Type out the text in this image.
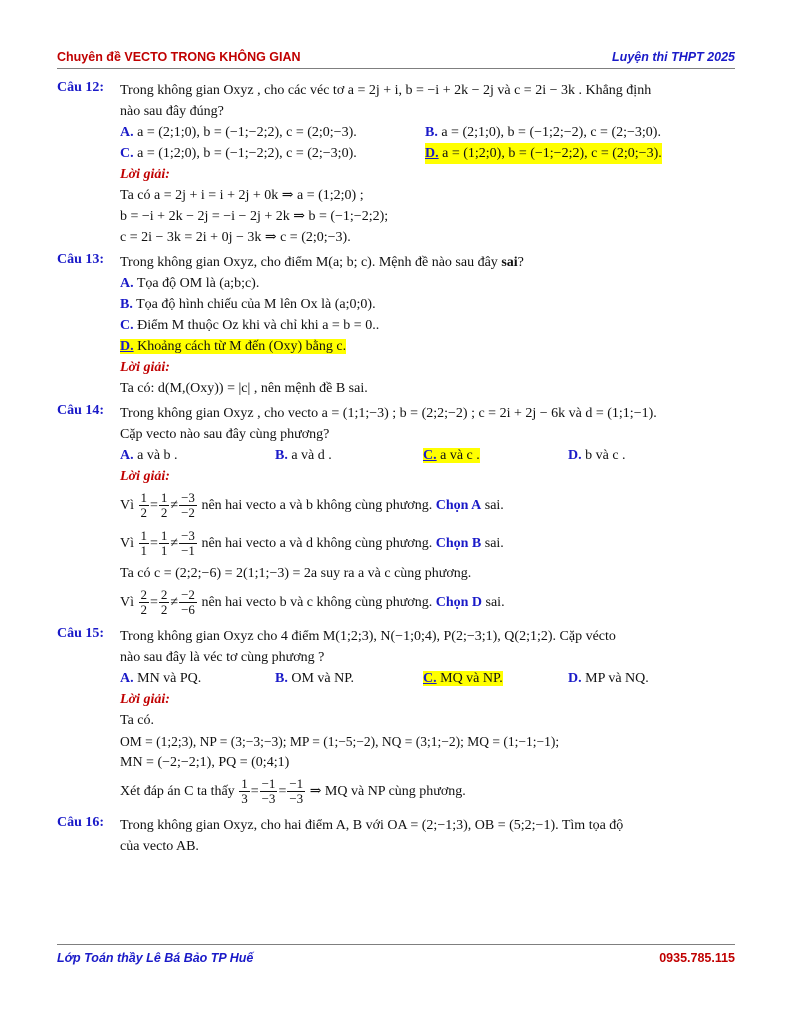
Chuyên đề VECTO TRONG KHÔNG GIAN	Luyện thi THPT 2025
Câu 12: Trong không gian Oxyz , cho các véc tơ a = 2j + i, b = −i + 2k − 2j và c = 2i − 3k . Khẳng định
nào sau đây đúng?
A. a = (2;1;0), b = (−1;−2;2), c = (2;0;−3).	B. a = (2;1;0), b = (−1;2;−2), c = (2;−3;0).
C. a = (1;2;0), b = (−1;−2;2), c = (2;−3;0).	D. a = (1;2;0), b = (−1;−2;2), c = (2;0;−3).
Lời giải:
Ta có a = 2j + i = i + 2j + 0k ⇒ a = (1;2;0) ;
b = −i + 2k − 2j = −i − 2j + 2k ⇒ b = (−1;−2;2);
c = 2i − 3k = 2i + 0j − 3k ⇒ c = (2;0;−3).
Câu 13: Trong không gian Oxyz, cho điểm M(a; b; c). Mệnh đề nào sau đây sai?
A. Tọa độ OM là (a;b;c).
B. Tọa độ hình chiếu của M lên Ox là (a;0;0).
C. Điểm M thuộc Oz khi và chỉ khi a = b = 0..
D. Khoảng cách từ M đến (Oxy) bằng c.
Lời giải:
Ta có: d(M,(Oxy)) = |c| , nên mệnh đề B sai.
Câu 14: Trong không gian Oxyz , cho vecto a = (1;1;−3) ; b = (2;2;−2) ; c = 2i + 2j − 6k và d = (1;1;−1).
Cặp vecto nào sau đây cùng phương?
A. a và b .	B. a và d .	C. a và c .	D. b và c .
Lời giải:
Vì $\frac{1}{2} = \frac{1}{2} \ne \frac{-3}{-2}$ nên hai vecto a và b không cùng phương. Chọn A sai.
Vì $\frac{1}{1} = \frac{1}{1} \ne \frac{-3}{-1}$ nên hai vecto a và d không cùng phương. Chọn B sai.
Ta có c = (2;2;−6) = 2(1;1;−3) = 2a suy ra a và c cùng phương.
Vì $\frac{2}{2} = \frac{2}{2} \ne \frac{-2}{-6}$ nên hai vecto b và c không cùng phương. Chọn D sai.
Câu 15: Trong không gian Oxyz cho 4 điểm M(1;2;3), N(−1;0;4), P(2;−3;1), Q(2;1;2). Cặp vécto
nào sau đây là véc tơ cùng phương ?
A. MN và PQ.	B. OM và NP.	C. MQ và NP.	D. MP và NQ.
Lời giải:
Ta có.
OM = (1;2;3), NP = (3;−3;−3); MP = (1;−5;−2), NQ = (3;1;−2); MQ = (1;−1;−1);
MN = (−2;−2;1), PQ = (0;4;1)
Xét đáp án C ta thấy $\frac{1}{3} = \frac{-1}{-3} = \frac{-1}{-3}$ ⇒ MQ và NP cùng phương.
Câu 16: Trong không gian Oxyz, cho hai điểm A, B với OA = (2;−1;3), OB = (5;2;−1). Tìm tọa độ
của vecto AB.
Lớp Toán thầy Lê Bá Bảo TP Huế	0935.785.115
